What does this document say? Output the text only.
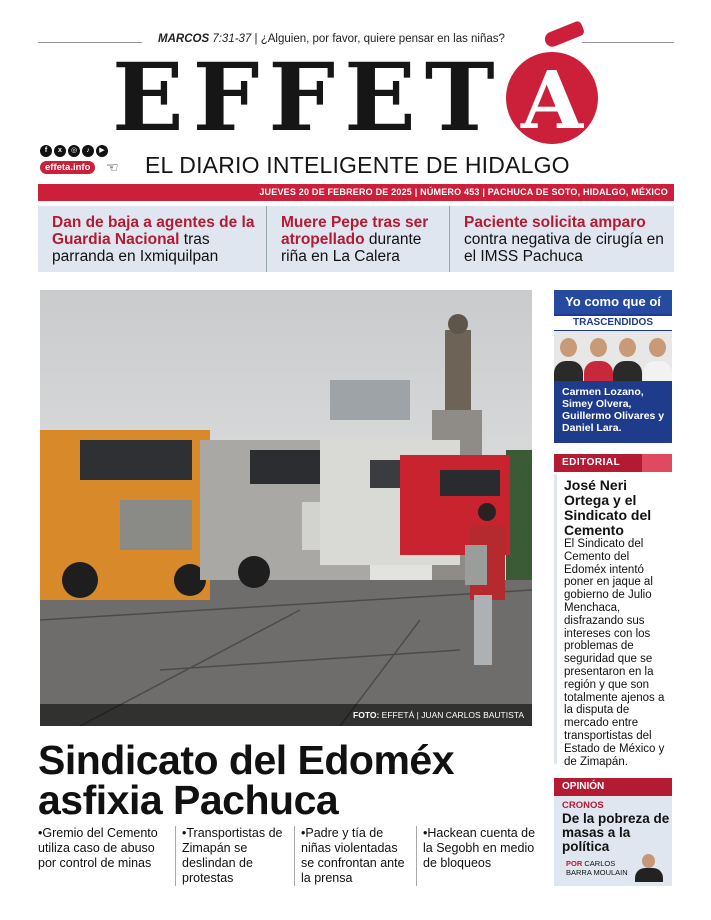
MARCOS 7:31-37 | ¿Alguien, por favor, quiere pensar en las niñas?
EFFET A
f	x	◎	♪	▶
effeta.info ☜ EL DIARIO INTELIGENTE DE HIDALGO
JUEVES 20 DE FEBRERO DE 2025 | NÚMERO 453 | PACHUCA DE SOTO, HIDALGO, MÉXICO
Dan de baja a agentes de la Guardia Nacional tras parranda en Ixmiquilpan
Muere Pepe tras ser atropellado durante riña en La Calera
Paciente solicita amparo contra negativa de cirugía en el IMSS Pachuca
FOTO: EFFETÁ | JUAN CARLOS BAUTISTA
Sindicato del Edoméx asfixia Pachuca
•Gremio del Cemento utiliza caso de abuso por control de minas
•Transportistas de Zimapán se deslindan de protestas
•Padre y tía de niñas violentadas se confrontan ante la prensa
•Hackean cuenta de la Segobh en medio de bloqueos
Yo como que oí
TRASCENDIDOS
Carmen Lozano, Simey Olvera, Guillermo Olivares y Daniel Lara.
EDITORIAL
José Neri Ortega y el Sindicato del Cemento
El Sindicato del Cemento del Edoméx intentó poner en jaque al gobierno de Julio Menchaca, disfrazando sus intereses con los problemas de seguridad que se presentaron en la región y que son totalmente ajenos a la disputa de mercado entre transportistas del Estado de México y de Zimapán.
OPINIÓN
CRONOS
De la pobreza de masas a la política
POR CARLOS
BARRA MOULAIN
